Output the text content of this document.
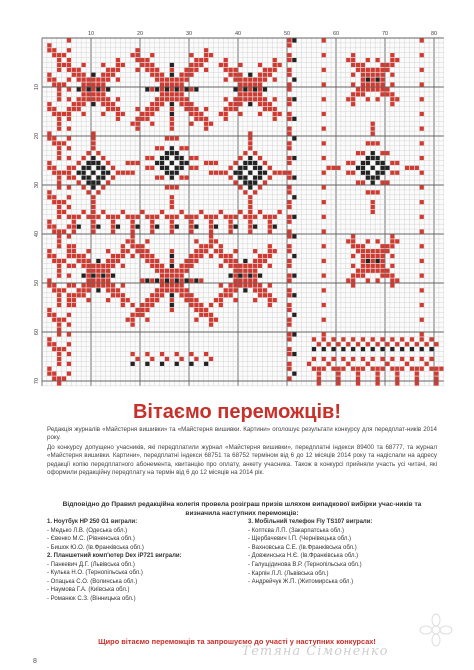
10	20	30	40	50	60	70	80
10
20
30
40
50
60
70
Вітаємо переможців!

Редакція журналів «Майстерня вишивки» та «Майстерня вишивки. Картини» оголошує результати конкурсу для передплат-ників 2014 року.

До конкурсу допущено учасників, які передплатили журнал «Майстерня вишивки», передплатні індекси 89400 та 68777, та журнал «Майстерня вишивки. Картини», передплатні індекси 68751 та 68752 терміном від 6 до 12 місяців 2014 року та надіслали на адресу редакції копію передплатного абонемента, квитанцію про оплату, анкету учасника. Також в конкурсі прийняли участь усі читачі, які оформили редакційну передплату на термін від 6 до 12 місяців на 2014 рік.

Відповідно до Правил редакційна колегія провела розіграш призів шляхом випадкової вибірки учас-ників та визначила наступних переможців:
1. Ноутбук HP 250 G1 виграли:
- Медько Л.В. (Одеська обл.)
- Євенко М.С. (Рівненська обл.)
- Бишок Ю.О. (Ів.Франківська обл.)
2. Планшетний комп'ютер Dex iP721 виграли:
- Панкевич Д.Г. (Львівська обл.)
- Кулька Н.О. (Тернопільська обл.)
- Опацька С.О. (Волинська обл.)
- Наумова Г.А. (Київська обл.)
- Романюк С.З. (Вінницька обл.)
3. Мобільний телефон Fly TS107 виграли:
- Коптєва Л.П. (Закарпатська обл.)
- Щербачевич І.П. (Чернівецька обл.)
- Вахновська С.Е. (Ів.Франківська обл.)
- Довжинська Н.Є. (Ів.Франківська обл.)
- Галущідинова В.Р. (Тернопільська обл.)
- Карпін Л.Л. (Львівська обл.)
- Андрейчук Ж.П. (Житомирська обл.)
Щиро вітаємо переможців та запрошуємо до участі у наступних конкурсах!
Тетяна Сімоненко
8
